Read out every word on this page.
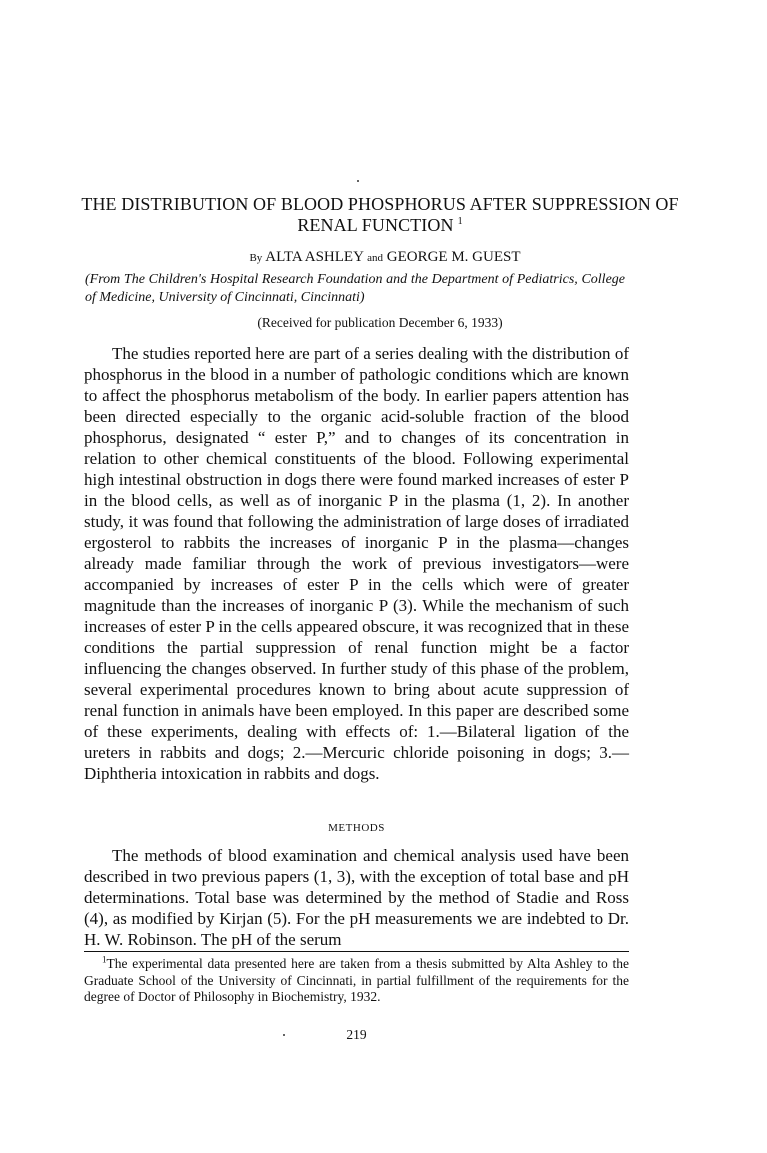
THE DISTRIBUTION OF BLOOD PHOSPHORUS AFTER SUPPRESSION OF RENAL FUNCTION $^1$
By ALTA ASHLEY and GEORGE M. GUEST
(From The Children's Hospital Research Foundation and the Department of Pediatrics, College of Medicine, University of Cincinnati, Cincinnati)
(Received for publication December 6, 1933)
The studies reported here are part of a series dealing with the distribution of phosphorus in the blood in a number of pathologic conditions which are known to affect the phosphorus metabolism of the body. In earlier papers attention has been directed especially to the organic acid-soluble fraction of the blood phosphorus, designated “ ester P,” and to changes of its concentration in relation to other chemical constituents of the blood. Following experimental high intestinal obstruction in dogs there were found marked increases of ester P in the blood cells, as well as of inorganic P in the plasma (1, 2). In another study, it was found that following the administration of large doses of irradiated ergosterol to rabbits the increases of inorganic P in the plasma—changes already made familiar through the work of previous investigators—were accompanied by increases of ester P in the cells which were of greater magnitude than the increases of inorganic P (3). While the mechanism of such increases of ester P in the cells appeared obscure, it was recognized that in these conditions the partial suppression of renal function might be a factor influencing the changes observed. In further study of this phase of the problem, several experimental procedures known to bring about acute suppression of renal function in animals have been employed. In this paper are described some of these experiments, dealing with effects of: 1.—Bilateral ligation of the ureters in rabbits and dogs; 2.—Mercuric chloride poisoning in dogs; 3.— Diphtheria intoxication in rabbits and dogs.
METHODS
The methods of blood examination and chemical analysis used have been described in two previous papers (1, 3), with the exception of total base and pH determinations. Total base was determined by the method of Stadie and Ross (4), as modified by Kirjan (5). For the pH measurements we are indebted to Dr. H. W. Robinson. The pH of the serum
$^1$The experimental data presented here are taken from a thesis submitted by Alta Ashley to the Graduate School of the University of Cincinnati, in partial fulfillment of the requirements for the degree of Doctor of Philosophy in Biochemistry, 1932.
219
